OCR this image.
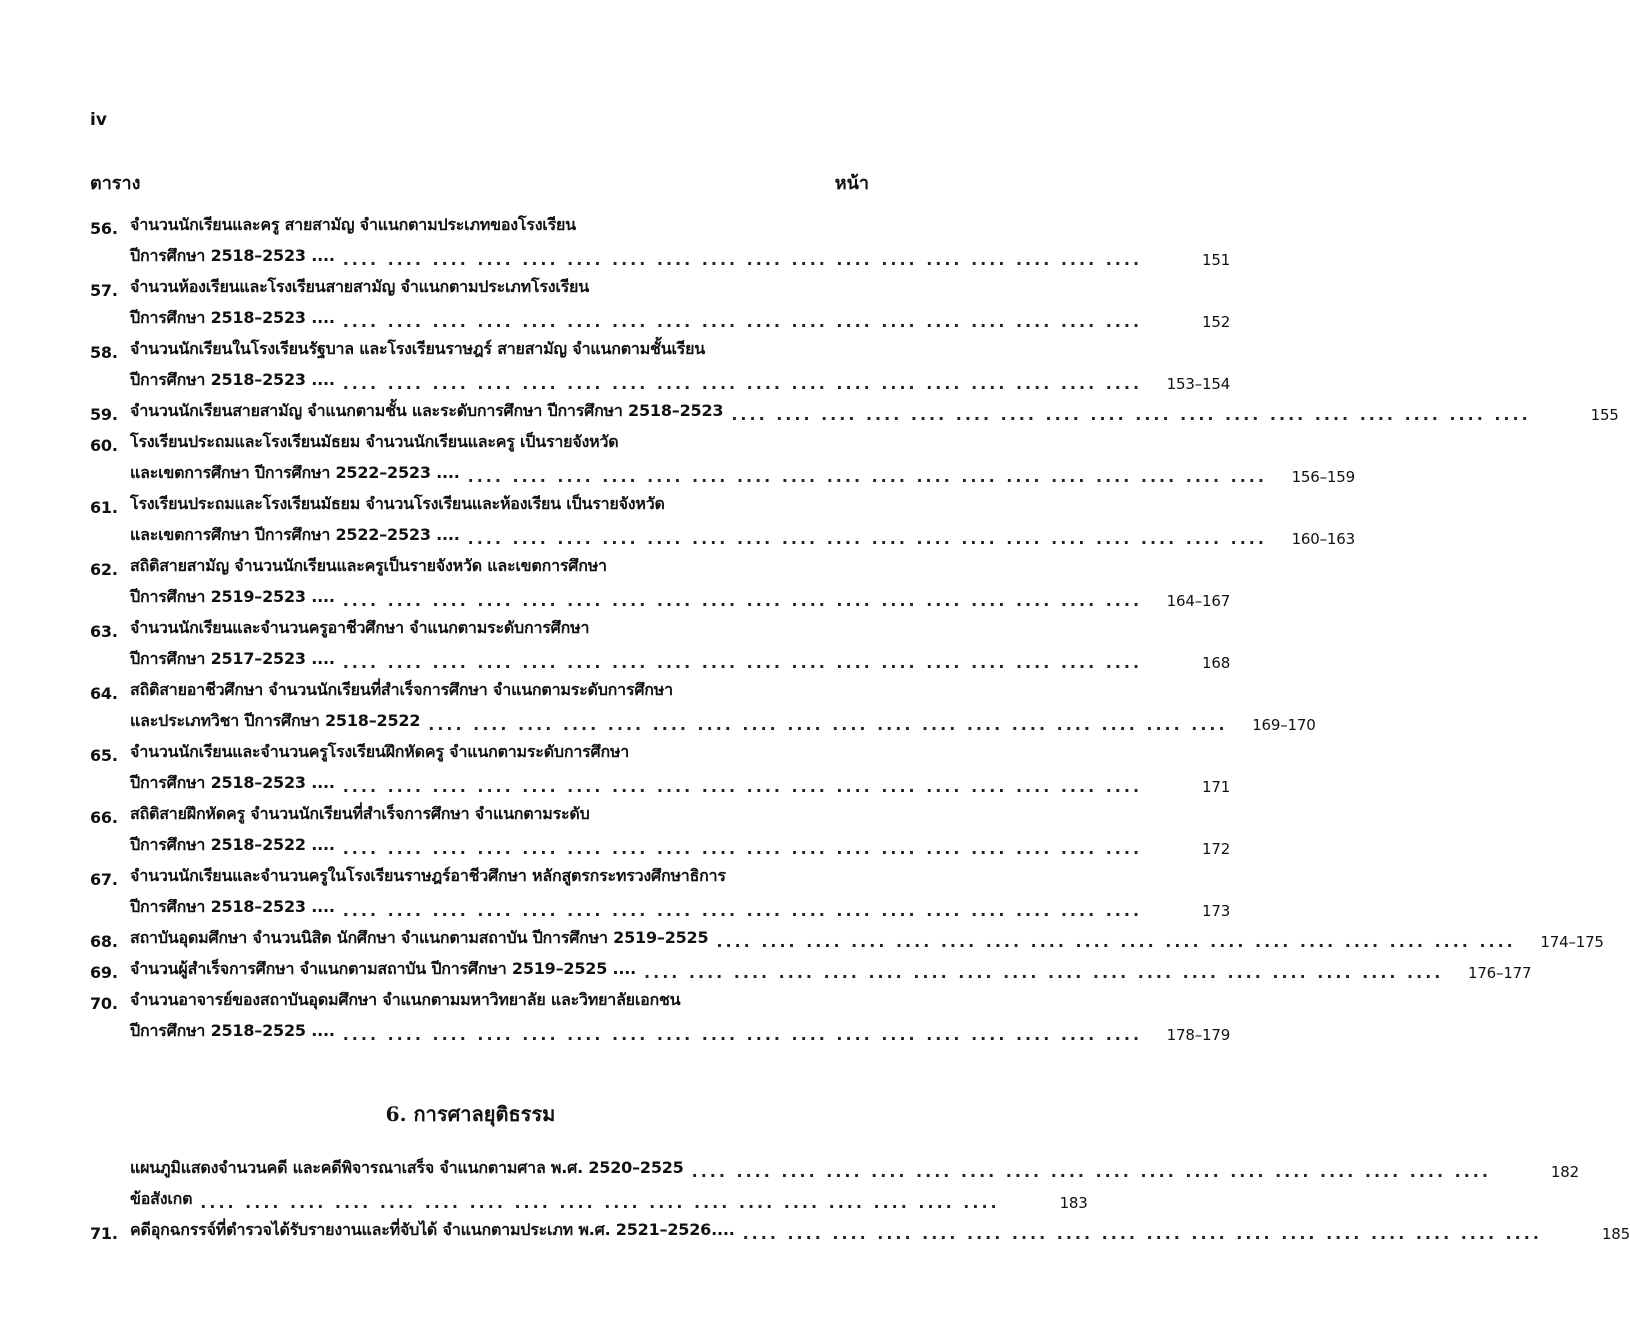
iv
ตาราง	หน้า
56. จำนวนนักเรียนและครู สายสามัญ จำแนกตามประเภทของโรงเรียน
ปีการศึกษา 2518–2523 .... .... .... .... .... .... .... .... .... .... .... .... .... .... .... .... .... .... ....	151
57. จำนวนห้องเรียนและโรงเรียนสายสามัญ จำแนกตามประเภทโรงเรียน
ปีการศึกษา 2518–2523 .... .... .... .... .... .... .... .... .... .... .... .... .... .... .... .... .... .... ....	152
58. จำนวนนักเรียนในโรงเรียนรัฐบาล และโรงเรียนราษฎร์ สายสามัญ จำแนกตามชั้นเรียน
ปีการศึกษา 2518–2523 .... .... .... .... .... .... .... .... .... .... .... .... .... .... .... .... .... .... ....	153–154
59. จำนวนนักเรียนสายสามัญ จำแนกตามชั้น และระดับการศึกษา ปีการศึกษา 2518–2523 .... .... .... .... .... .... .... .... .... .... .... .... .... .... .... .... .... ....	155
60. โรงเรียนประถมและโรงเรียนมัธยม จำนวนนักเรียนและครู เป็นรายจังหวัด
และเขตการศึกษา ปีการศึกษา 2522–2523 .... .... .... .... .... .... .... .... .... .... .... .... .... .... .... .... .... .... ....	156–159
61. โรงเรียนประถมและโรงเรียนมัธยม จำนวนโรงเรียนและห้องเรียน เป็นรายจังหวัด
และเขตการศึกษา ปีการศึกษา 2522–2523 .... .... .... .... .... .... .... .... .... .... .... .... .... .... .... .... .... .... ....	160–163
62. สถิติสายสามัญ จำนวนนักเรียนและครูเป็นรายจังหวัด และเขตการศึกษา
ปีการศึกษา 2519–2523 .... .... .... .... .... .... .... .... .... .... .... .... .... .... .... .... .... .... ....	164–167
63. จำนวนนักเรียนและจำนวนครูอาชีวศึกษา จำแนกตามระดับการศึกษา
ปีการศึกษา 2517–2523 .... .... .... .... .... .... .... .... .... .... .... .... .... .... .... .... .... .... ....	168
64. สถิติสายอาชีวศึกษา จำนวนนักเรียนที่สำเร็จการศึกษา จำแนกตามระดับการศึกษา
และประเภทวิชา ปีการศึกษา 2518–2522 .... .... .... .... .... .... .... .... .... .... .... .... .... .... .... .... .... ....	169–170
65. จำนวนนักเรียนและจำนวนครูโรงเรียนฝึกหัดครู จำแนกตามระดับการศึกษา
ปีการศึกษา 2518–2523 .... .... .... .... .... .... .... .... .... .... .... .... .... .... .... .... .... .... ....	171
66. สถิติสายฝึกหัดครู จำนวนนักเรียนที่สำเร็จการศึกษา จำแนกตามระดับ
ปีการศึกษา 2518–2522 .... .... .... .... .... .... .... .... .... .... .... .... .... .... .... .... .... .... ....	172
67. จำนวนนักเรียนและจำนวนครูในโรงเรียนราษฎร์อาชีวศึกษา หลักสูตรกระทรวงศึกษาธิการ
ปีการศึกษา 2518–2523 .... .... .... .... .... .... .... .... .... .... .... .... .... .... .... .... .... .... ....	173
68. สถาบันอุดมศึกษา จำนวนนิสิต นักศึกษา จำแนกตามสถาบัน ปีการศึกษา 2519–2525 .... .... .... .... .... .... .... .... .... .... .... .... .... .... .... .... .... ....	174–175
69. จำนวนผู้สำเร็จการศึกษา จำแนกตามสถาบัน ปีการศึกษา 2519–2525 .... .... .... .... .... .... .... .... .... .... .... .... .... .... .... .... .... .... ....	176–177
70. จำนวนอาจารย์ของสถาบันอุดมศึกษา จำแนกตามมหาวิทยาลัย และวิทยาลัยเอกชน
ปีการศึกษา 2518–2525 .... .... .... .... .... .... .... .... .... .... .... .... .... .... .... .... .... .... ....	178–179
6. การศาลยุติธรรม
แผนภูมิแสดงจำนวนคดี และคดีพิจารณาเสร็จ จำแนกตามศาล พ.ศ. 2520–2525 .... .... .... .... .... .... .... .... .... .... .... .... .... .... .... .... .... ....	182
ข้อสังเกต .... .... .... .... .... .... .... .... .... .... .... .... .... .... .... .... .... ....	183
71. คดีอุกฉกรรจ์ที่ตำรวจได้รับรายงานและที่จับได้ จำแนกตามประเภท พ.ศ. 2521–2526.... .... .... .... .... .... .... .... .... .... .... .... .... .... .... .... .... .... ....	185
